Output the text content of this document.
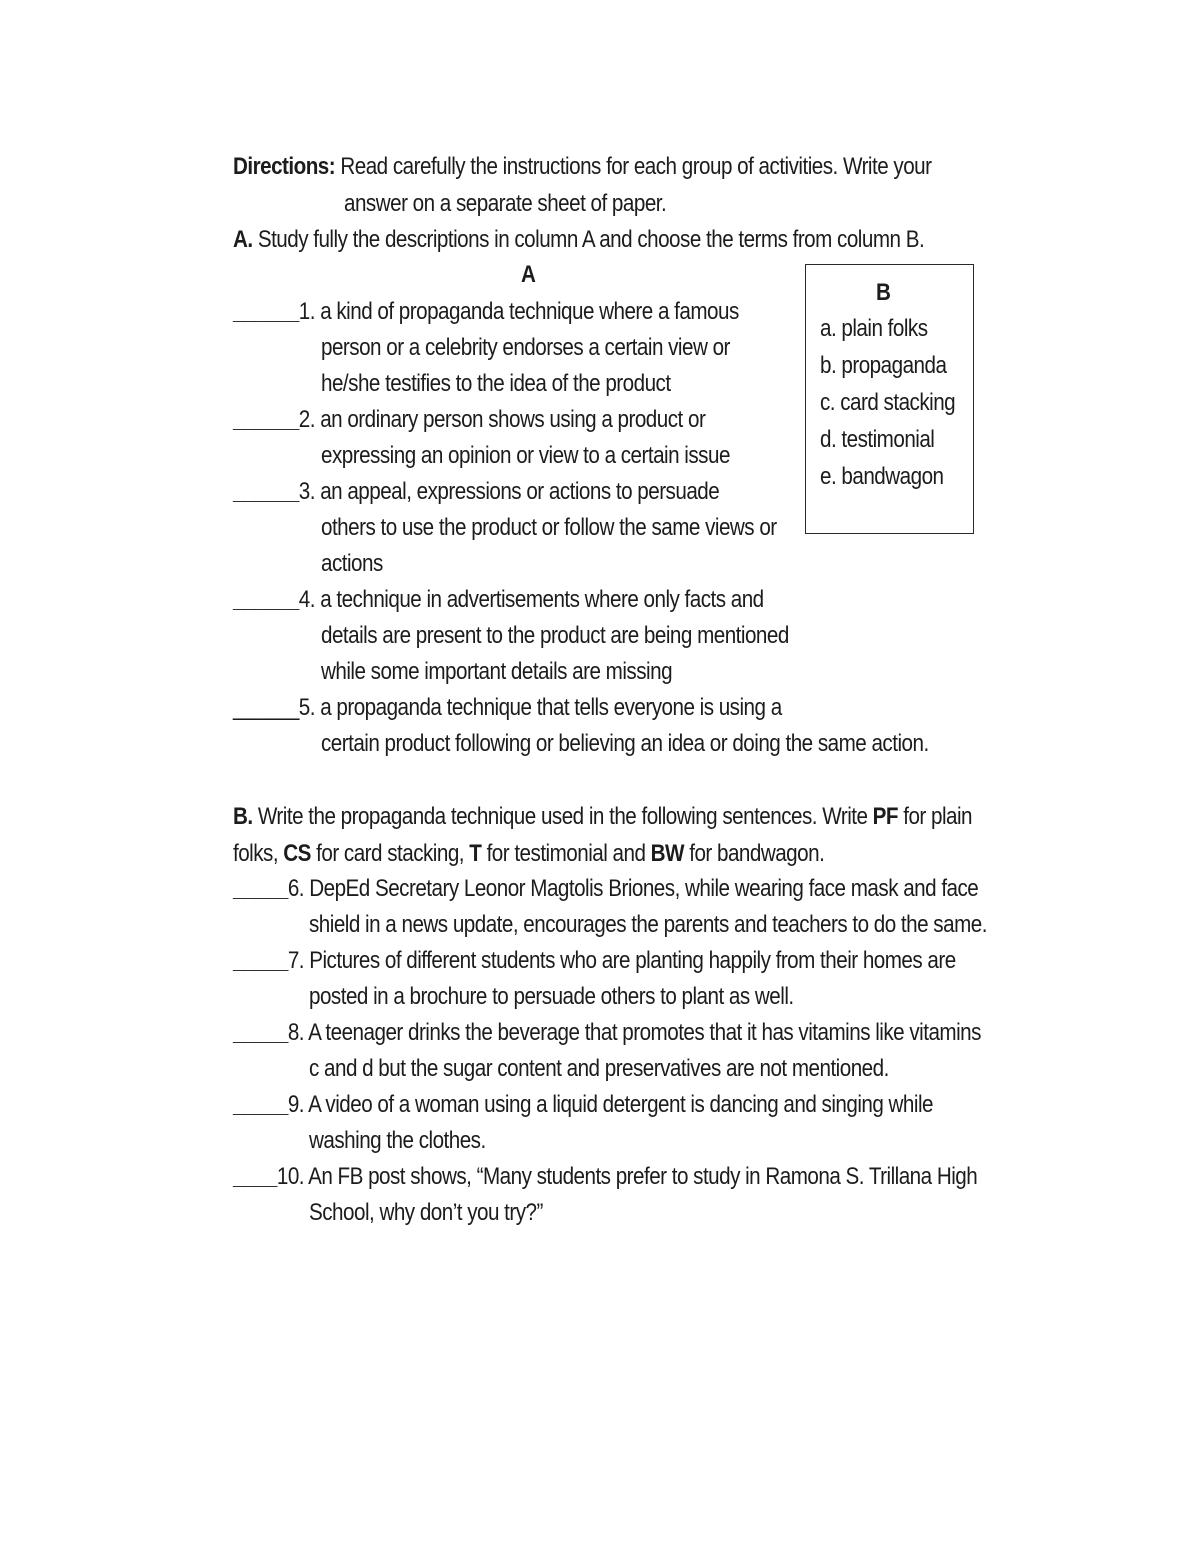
Directions: Read carefully the instructions for each group of activities. Write your
answer on a separate sheet of paper.
A. Study fully the descriptions in column A and choose the terms from column B.
A
______1. a kind of propaganda technique where a famous
person or a celebrity endorses a certain view or
he/she testifies to the idea of the product
______2. an ordinary person shows using a product or
expressing an opinion or view to a certain issue
______3. an appeal, expressions or actions to persuade
others to use the product or follow the same views or
actions
______4. a technique in advertisements where only facts and
details are present to the product are being mentioned
while some important details are missing
______5. a propaganda technique that tells everyone is using a
certain product following or believing an idea or doing the same action.
B
a. plain folks
b. propaganda
c. card stacking
d. testimonial
e. bandwagon
B. Write the propaganda technique used in the following sentences. Write PF for plain
folks, CS for card stacking, T for testimonial and BW for bandwagon.
_____6. DepEd Secretary Leonor Magtolis Briones, while wearing face mask and face
shield in a news update, encourages the parents and teachers to do the same.
_____7. Pictures of different students who are planting happily from their homes are
posted in a brochure to persuade others to plant as well.
_____8. A teenager drinks the beverage that promotes that it has vitamins like vitamins
c and d but the sugar content and preservatives are not mentioned.
_____9. A video of a woman using a liquid detergent is dancing and singing while
washing the clothes.
____10. An FB post shows, “Many students prefer to study in Ramona S. Trillana High
School, why don’t you try?”
